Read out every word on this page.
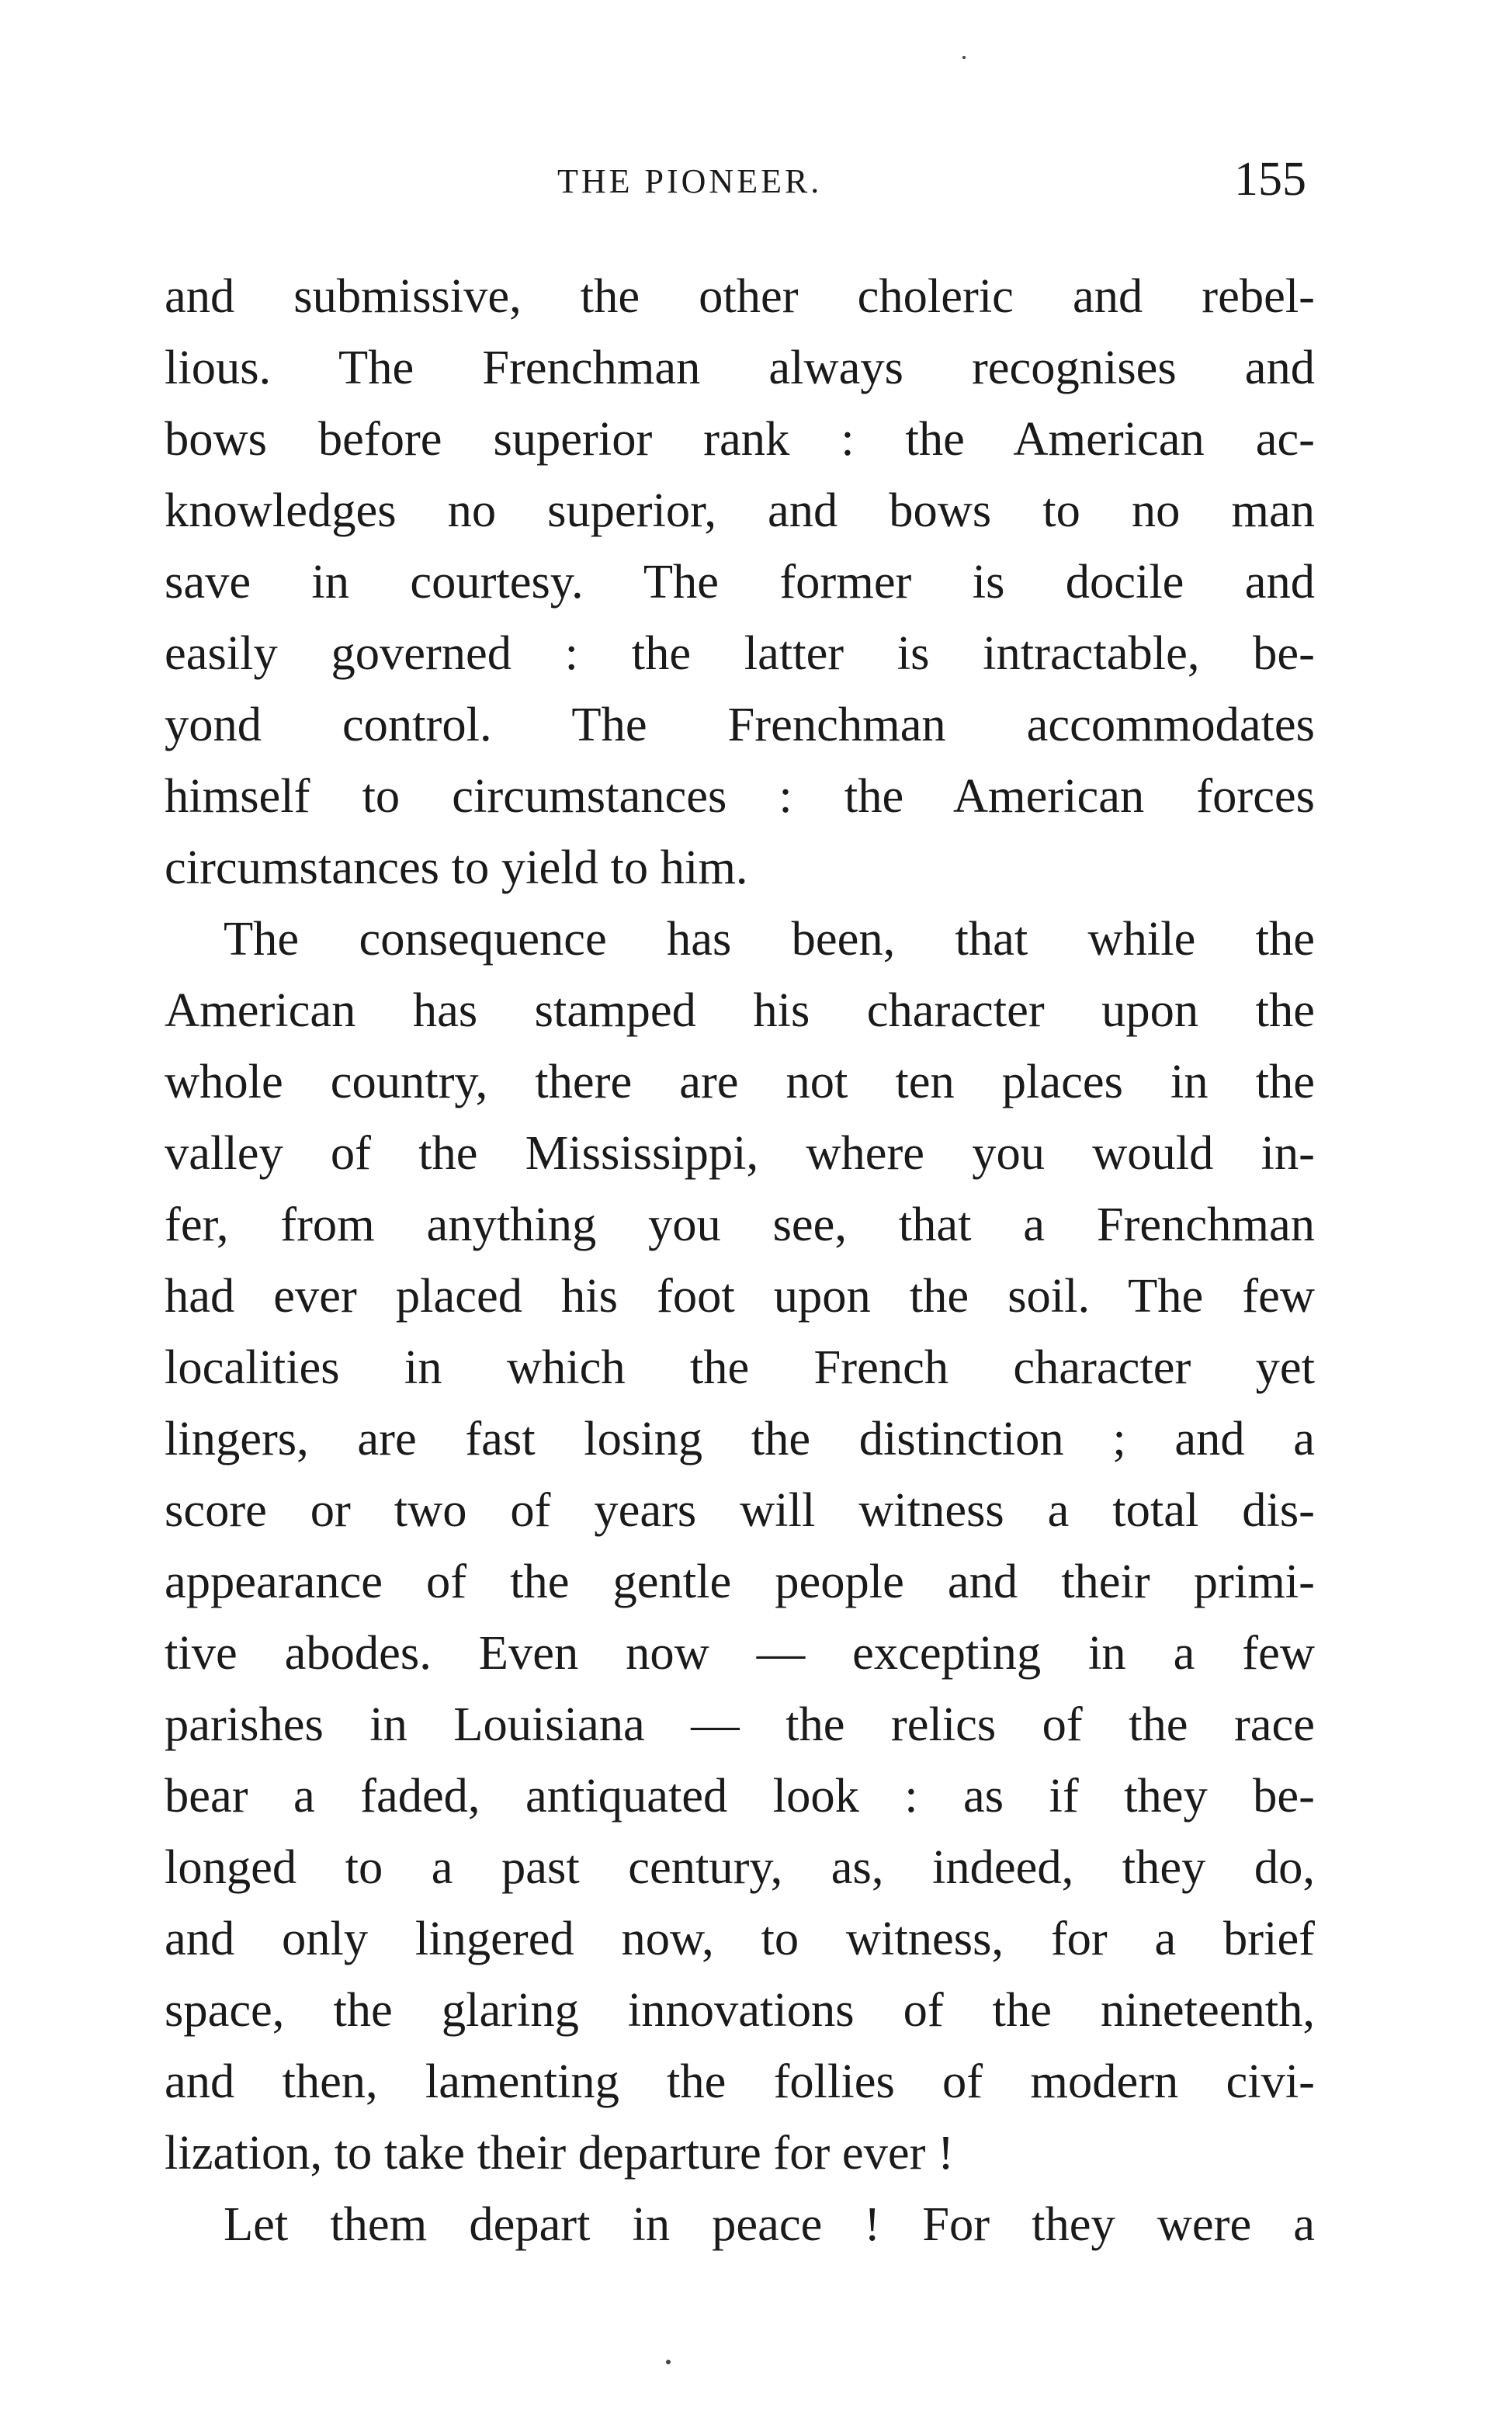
THE PIONEER.	155
and submissive, the other choleric and rebel-
lious. The Frenchman always recognises and
bows before superior rank : the American ac-
knowledges no superior, and bows to no man
save in courtesy. The former is docile and
easily governed : the latter is intractable, be-
yond control. The Frenchman accommodates
himself to circumstances : the American forces
circumstances to yield to him.
The consequence has been, that while the
American has stamped his character upon the
whole country, there are not ten places in the
valley of the Mississippi, where you would in-
fer, from anything you see, that a Frenchman
had ever placed his foot upon the soil. The few
localities in which the French character yet
lingers, are fast losing the distinction ; and a
score or two of years will witness a total dis-
appearance of the gentle people and their primi-
tive abodes. Even now — excepting in a few
parishes in Louisiana — the relics of the race
bear a faded, antiquated look : as if they be-
longed to a past century, as, indeed, they do,
and only lingered now, to witness, for a brief
space, the glaring innovations of the nineteenth,
and then, lamenting the follies of modern civi-
lization, to take their departure for ever !
Let them depart in peace ! For they were a
